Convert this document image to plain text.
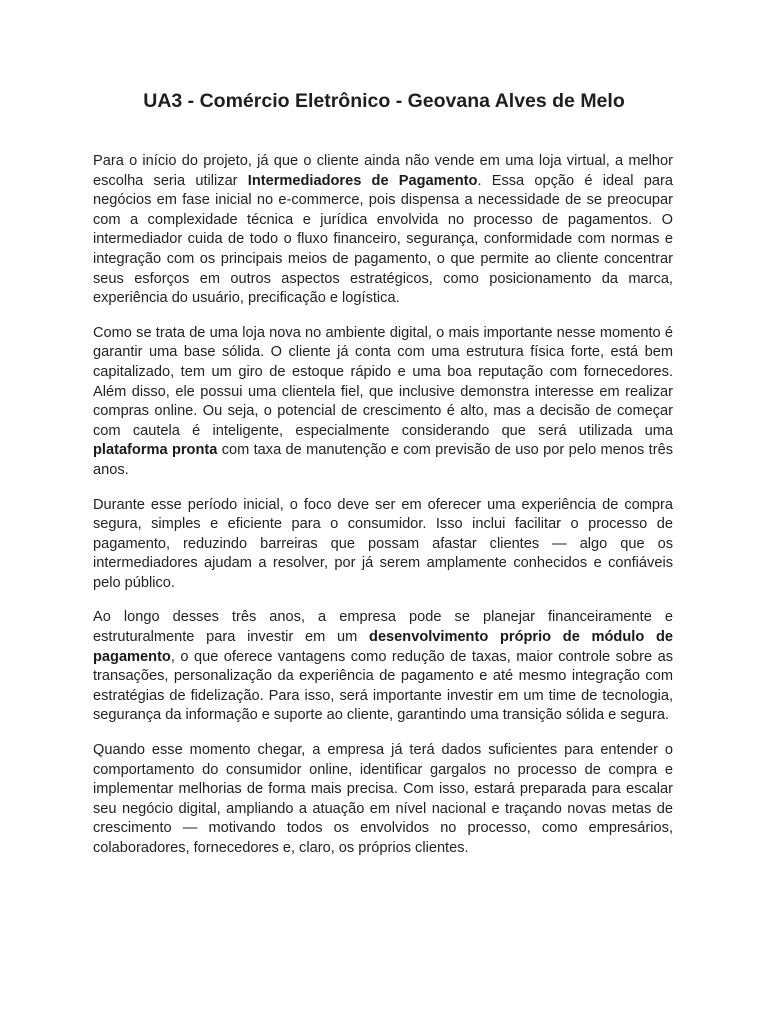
UA3 - Comércio Eletrônico - Geovana Alves de Melo

Para o início do projeto, já que o cliente ainda não vende em uma loja virtual, a melhor escolha seria utilizar Intermediadores de Pagamento. Essa opção é ideal para negócios em fase inicial no e-commerce, pois dispensa a necessidade de se preocupar com a complexidade técnica e jurídica envolvida no processo de pagamentos. O intermediador cuida de todo o fluxo financeiro, segurança, conformidade com normas e integração com os principais meios de pagamento, o que permite ao cliente concentrar seus esforços em outros aspectos estratégicos, como posicionamento da marca, experiência do usuário, precificação e logística.

Como se trata de uma loja nova no ambiente digital, o mais importante nesse momento é garantir uma base sólida. O cliente já conta com uma estrutura física forte, está bem capitalizado, tem um giro de estoque rápido e uma boa reputação com fornecedores. Além disso, ele possui uma clientela fiel, que inclusive demonstra interesse em realizar compras online. Ou seja, o potencial de crescimento é alto, mas a decisão de começar com cautela é inteligente, especialmente considerando que será utilizada uma plataforma pronta com taxa de manutenção e com previsão de uso por pelo menos três anos.

Durante esse período inicial, o foco deve ser em oferecer uma experiência de compra segura, simples e eficiente para o consumidor. Isso inclui facilitar o processo de pagamento, reduzindo barreiras que possam afastar clientes — algo que os intermediadores ajudam a resolver, por já serem amplamente conhecidos e confiáveis pelo público.

Ao longo desses três anos, a empresa pode se planejar financeiramente e estruturalmente para investir em um desenvolvimento próprio de módulo de pagamento, o que oferece vantagens como redução de taxas, maior controle sobre as transações, personalização da experiência de pagamento e até mesmo integração com estratégias de fidelização. Para isso, será importante investir em um time de tecnologia, segurança da informação e suporte ao cliente, garantindo uma transição sólida e segura.

Quando esse momento chegar, a empresa já terá dados suficientes para entender o comportamento do consumidor online, identificar gargalos no processo de compra e implementar melhorias de forma mais precisa. Com isso, estará preparada para escalar seu negócio digital, ampliando a atuação em nível nacional e traçando novas metas de crescimento — motivando todos os envolvidos no processo, como empresários, colaboradores, fornecedores e, claro, os próprios clientes.
